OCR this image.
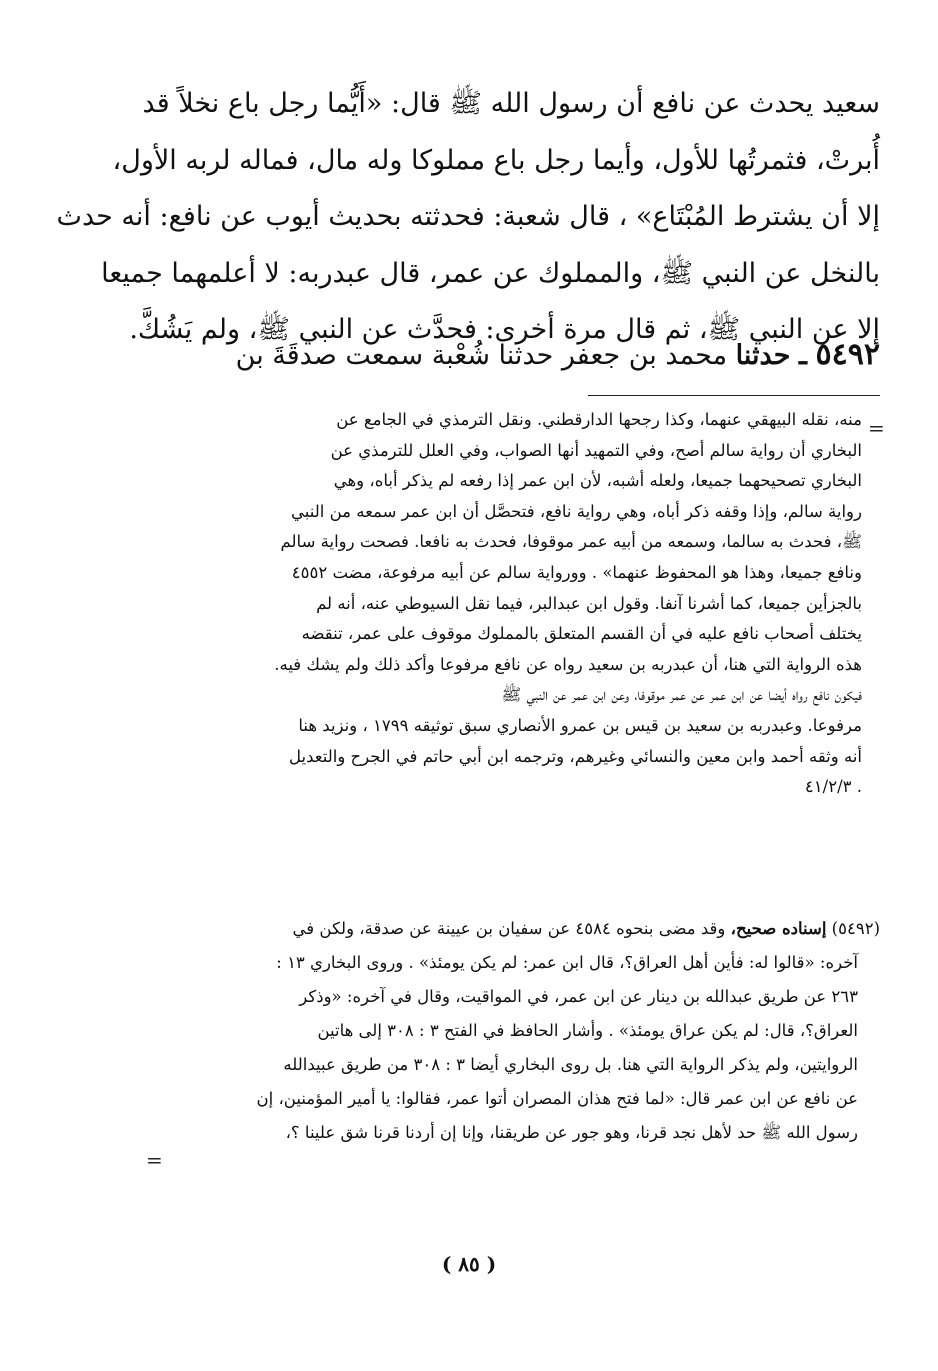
سعيد يحدث عن نافع أن رسول الله ﷺ قال: «أَيُّما رجل باع نخلاً قد
أُبرتْ، فثمرتُها للأول، وأيما رجل باع مملوكا وله مال، فماله لربه الأول،
إلا أن يشترط المُبْتَاع» ، قال شعبة: فحدثته بحديث أيوب عن نافع: أنه حدث
بالنخل عن النبي ﷺ، والمملوك عن عمر، قال عبدربه: لا أعلمهما جميعا
إلا عن النبي ﷺ، ثم قال مرة أخرى: فحدَّث عن النبي ﷺ، ولم يَشُكَّ.
٥٤٩٢ ـ حدثنا محمد بن جعفر حدثنا شُعْبة سمعت صدقَةَ بن
=
منه، نقله البيهقي عنهما، وكذا رجحها الدارقطني. ونقل الترمذي في الجامع عن
البخاري أن رواية سالم أصح، وفي التمهيد أنها الصواب، وفي العلل للترمذي عن
البخاري تصحيحهما جميعا، ولعله أشبه، لأن ابن عمر إذا رفعه لم يذكر أباه، وهي
رواية سالم، وإذا وقفه ذكر أباه، وهي رواية نافع، فتحصَّل أن ابن عمر سمعه من النبي
ﷺ، فحدث به سالما، وسمعه من أبيه عمر موقوفا، فحدث به نافعا. فصحت رواية سالم
ونافع جميعا، وهذا هو المحفوظ عنهما» . وورواية سالم عن أبيه مرفوعة، مضت ٤٥٥٢
بالجزأين جميعا، كما أشرنا آنفا. وقول ابن عبدالبر، فيما نقل السيوطي عنه، أنه لم
يختلف أصحاب نافع عليه في أن القسم المتعلق بالمملوك موقوف على عمر، تنقضه
هذه الرواية التي هنا، أن عبدربه بن سعيد رواه عن نافع مرفوعا وأكد ذلك ولم يشك فيه.
فيكون نافع رواه أيضا عن ابن عمر عن عمر موقوفا، وعن ابن عمر عن النبي ﷺ
مرفوعا. وعبدربه بن سعيد بن قيس بن عمرو الأنصاري سبق توثيقه ١٧٩٩ ، ونزيد هنا
أنه وثقه أحمد وابن معين والنسائي وغيرهم، وترجمه ابن أبي حاتم في الجرح والتعديل
. ٤١/٢/٣
(٥٤٩٢) إسناده صحيح، وقد مضى بنحوه ٤٥٨٤ عن سفيان بن عيينة عن صدقة، ولكن في
آخره: «قالوا له: فأين أهل العراق؟، قال ابن عمر: لم يكن يومئذ» . وروى البخاري ١٣ :
٢٦٣ عن طريق عبدالله بن دينار عن ابن عمر، في المواقيت، وقال في آخره: «وذكر
العراق؟، قال: لم يكن عراق يومئذ» . وأشار الحافظ في الفتح ٣ : ٣٠٨ إلى هاتين
الروايتين، ولم يذكر الرواية التي هنا. بل روى البخاري أيضا ٣ : ٣٠٨ من طريق عبيدالله
عن نافع عن ابن عمر قال: «لما فتح هذان المصران أتوا عمر، فقالوا: يا أمير المؤمنين، إن
رسول الله ﷺ حد لأهل نجد قرنا، وهو جور عن طريقنا، وإنا إن أردنا قرنا شق علينا ؟،
=
( ٨٥ )
